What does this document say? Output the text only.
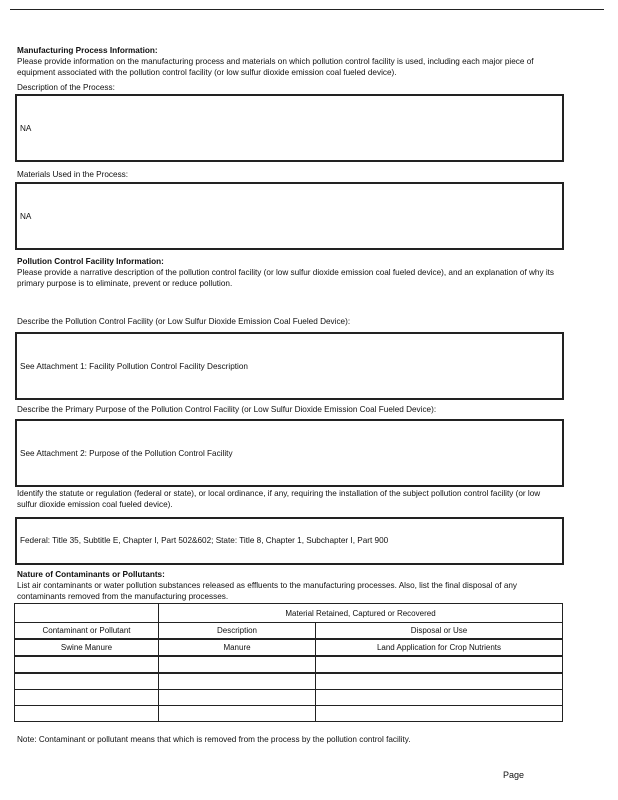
Manufacturing Process Information:
Please provide information on the manufacturing process and materials on which pollution control facility is used, including each major piece of equipment associated with the pollution control facility (or low sulfur dioxide emission coal fueled device).
Description of the Process:
NA
Materials Used in the Process:
NA
Pollution Control Facility Information:
Please provide a narrative description of the pollution control facility (or low sulfur dioxide emission coal fueled device), and an explanation of why its primary purpose is to eliminate, prevent or reduce pollution.
Describe the Pollution Control Facility (or Low Sulfur Dioxide Emission Coal Fueled Device):
See Attachment 1: Facility Pollution Control Facility Description
Describe the Primary Purpose of the Pollution Control Facility (or Low Sulfur Dioxide Emission Coal Fueled Device):
See Attachment 2: Purpose of the Pollution Control Facility
Identify the statute or regulation (federal or state), or local ordinance, if any, requiring the installation of the subject pollution control facility (or low sulfur dioxide emission coal fueled device).
Federal: Title 35, Subtitle E, Chapter I, Part 502&602; State: Title 8, Chapter 1, Subchapter I, Part 900
Nature of Contaminants or Pollutants:
List air contaminants or water pollution substances released as effluents to the manufacturing processes. Also, list the final disposal of any contaminants removed from the manufacturing processes.
	Material Retained, Captured or Recovered	
Contaminant or Pollutant	Description	Disposal or Use
Swine Manure	Manure	Land Application for Crop Nutrients

Note: Contaminant or pollutant means that which is removed from the process by the pollution control facility.
Page
